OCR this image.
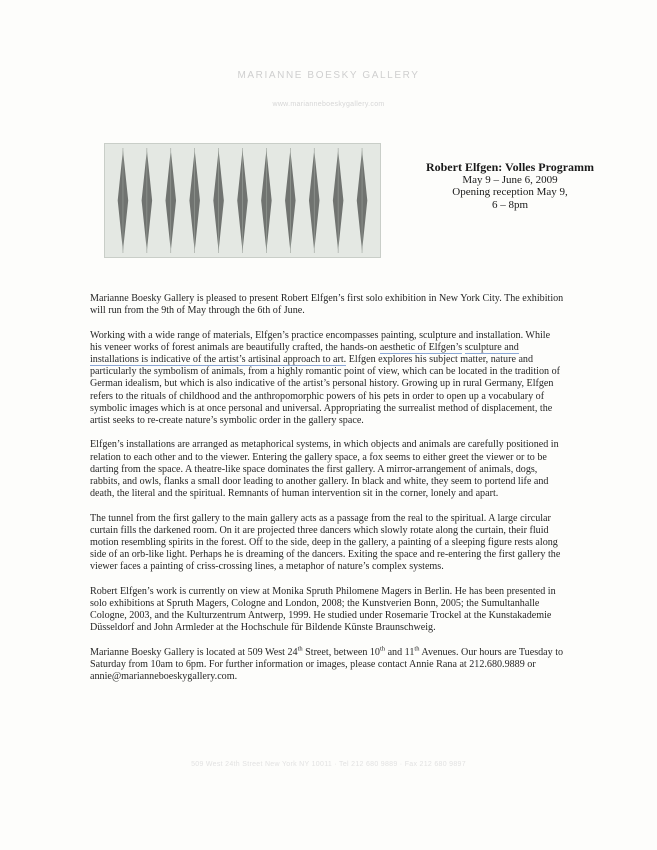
MARIANNE BOESKY GALLERY
www.marianneboeskygallery.com
Robert Elfgen: Volles Programm
May 9 – June 6, 2009
Opening reception May 9,
6 – 8pm

Marianne Boesky Gallery is pleased to present Robert Elfgen’s first solo exhibition in New York City. The exhibition will run from the 9th of May through the 6th of June.

Working with a wide range of materials, Elfgen’s practice encompasses painting, sculpture and installation. While his veneer works of forest animals are beautifully crafted, the hands-on aesthetic of Elfgen’s sculpture and installations is indicative of the artist’s artisinal approach to art. Elfgen explores his subject matter, nature and particularly the symbolism of animals, from a highly romantic point of view, which can be located in the tradition of German idealism, but which is also indicative of the artist’s personal history. Growing up in rural Germany, Elfgen refers to the rituals of childhood and the anthropomorphic powers of his pets in order to open up a vocabulary of symbolic images which is at once personal and universal. Appropriating the surrealist method of displacement, the artist seeks to re-create nature’s symbolic order in the gallery space.

Elfgen’s installations are arranged as metaphorical systems, in which objects and animals are carefully positioned in relation to each other and to the viewer. Entering the gallery space, a fox seems to either greet the viewer or to be darting from the space. A theatre-like space dominates the first gallery. A mirror-arrangement of animals, dogs, rabbits, and owls, flanks a small door leading to another gallery. In black and white, they seem to portend life and death, the literal and the spiritual. Remnants of human intervention sit in the corner, lonely and apart.

The tunnel from the first gallery to the main gallery acts as a passage from the real to the spiritual. A large circular curtain fills the darkened room. On it are projected three dancers which slowly rotate along the curtain, their fluid motion resembling spirits in the forest. Off to the side, deep in the gallery, a painting of a sleeping figure rests along side of an orb-like light. Perhaps he is dreaming of the dancers. Exiting the space and re-entering the first gallery the viewer faces a painting of criss-crossing lines, a metaphor of nature’s complex systems.

Robert Elfgen’s work is currently on view at Monika Spruth Philomene Magers in Berlin. He has been presented in solo exhibitions at Spruth Magers, Cologne and London, 2008; the Kunstverien Bonn, 2005; the Sumultanhalle Cologne, 2003, and the Kulturzentrum Antwerp, 1999. He studied under Rosemarie Trockel at the Kunstakademie Düsseldorf and John Armleder at the Hochschule für Bildende Künste Braunschweig.

Marianne Boesky Gallery is located at 509 West 24th Street, between 10th and 11th Avenues. Our hours are Tuesday to Saturday from 10am to 6pm. For further information or images, please contact Annie Rana at 212.680.9889 or annie@marianneboeskygallery.com.

509 West 24th Street New York NY 10011 · Tel 212 680 9889 · Fax 212 680 9897
